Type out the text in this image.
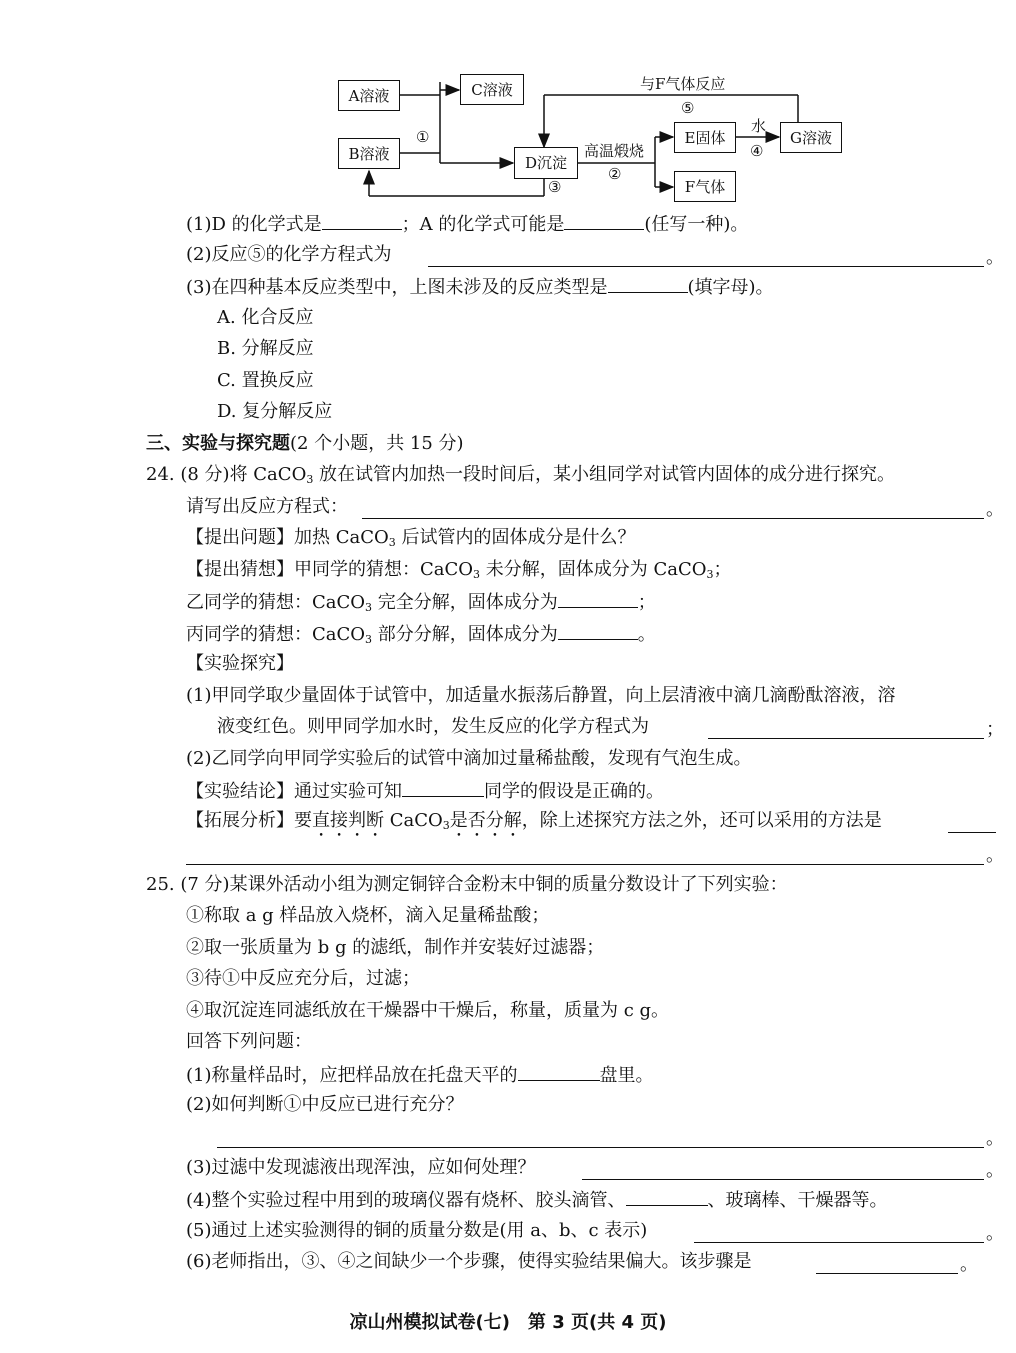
A溶液
B溶液
C溶液
D沉淀
E固体
F气体
G溶液
与F气体反应
⑤
①
高温煅烧
②
水
④
③
(1)D 的化学式是	；A 的化学式可能是	(任写一种)。
(2)反应⑤的化学方程式为	。
(3)在四种基本反应类型中，上图未涉及的反应类型是	(填字母)。
A. 化合反应
B. 分解反应
C. 置换反应
D. 复分解反应
三、实验与探究题(2 个小题，共 15 分)
24. (8 分)将 CaCO$_3$ 放在试管内加热一段时间后，某小组同学对试管内固体的成分进行探究。
请写出反应方程式：	。
【提出问题】加热 CaCO$_3$ 后试管内的固体成分是什么？
【提出猜想】甲同学的猜想：CaCO$_3$ 未分解，固体成分为 CaCO$_3$；
乙同学的猜想：CaCO$_3$ 完全分解，固体成分为	；
丙同学的猜想：CaCO$_3$ 部分分解，固体成分为	。
【实验探究】
(1)甲同学取少量固体于试管中，加适量水振荡后静置，向上层清液中滴几滴酚酞溶液，溶
液变红色。则甲同学加水时，发生反应的化学方程式为	；
(2)乙同学向甲同学实验后的试管中滴加过量稀盐酸，发现有气泡生成。
【实验结论】通过实验可知	同学的假设是正确的。
【拓展分析】要直接判断 CaCO$_3$是否分解，除上述探究方法之外，还可以采用的方法是
。
25. (7 分)某课外活动小组为测定铜锌合金粉末中铜的质量分数设计了下列实验：
①称取 a g 样品放入烧杯，滴入足量稀盐酸；
②取一张质量为 b g 的滤纸，制作并安装好过滤器；
③待①中反应充分后，过滤；
④取沉淀连同滤纸放在干燥器中干燥后，称量，质量为 c g。
回答下列问题：
(1)称量样品时，应把样品放在托盘天平的	盘里。
(2)如何判断①中反应已进行充分？
。
(3)过滤中发现滤液出现浑浊，应如何处理？	。
(4)整个实验过程中用到的玻璃仪器有烧杯、胶头滴管、	、玻璃棒、干燥器等。
(5)通过上述实验测得的铜的质量分数是(用 a、b、c 表示)	。
(6)老师指出，③、④之间缺少一个步骤，使得实验结果偏大。该步骤是	。
凉山州模拟试卷(七)　第 3 页(共 4 页)
